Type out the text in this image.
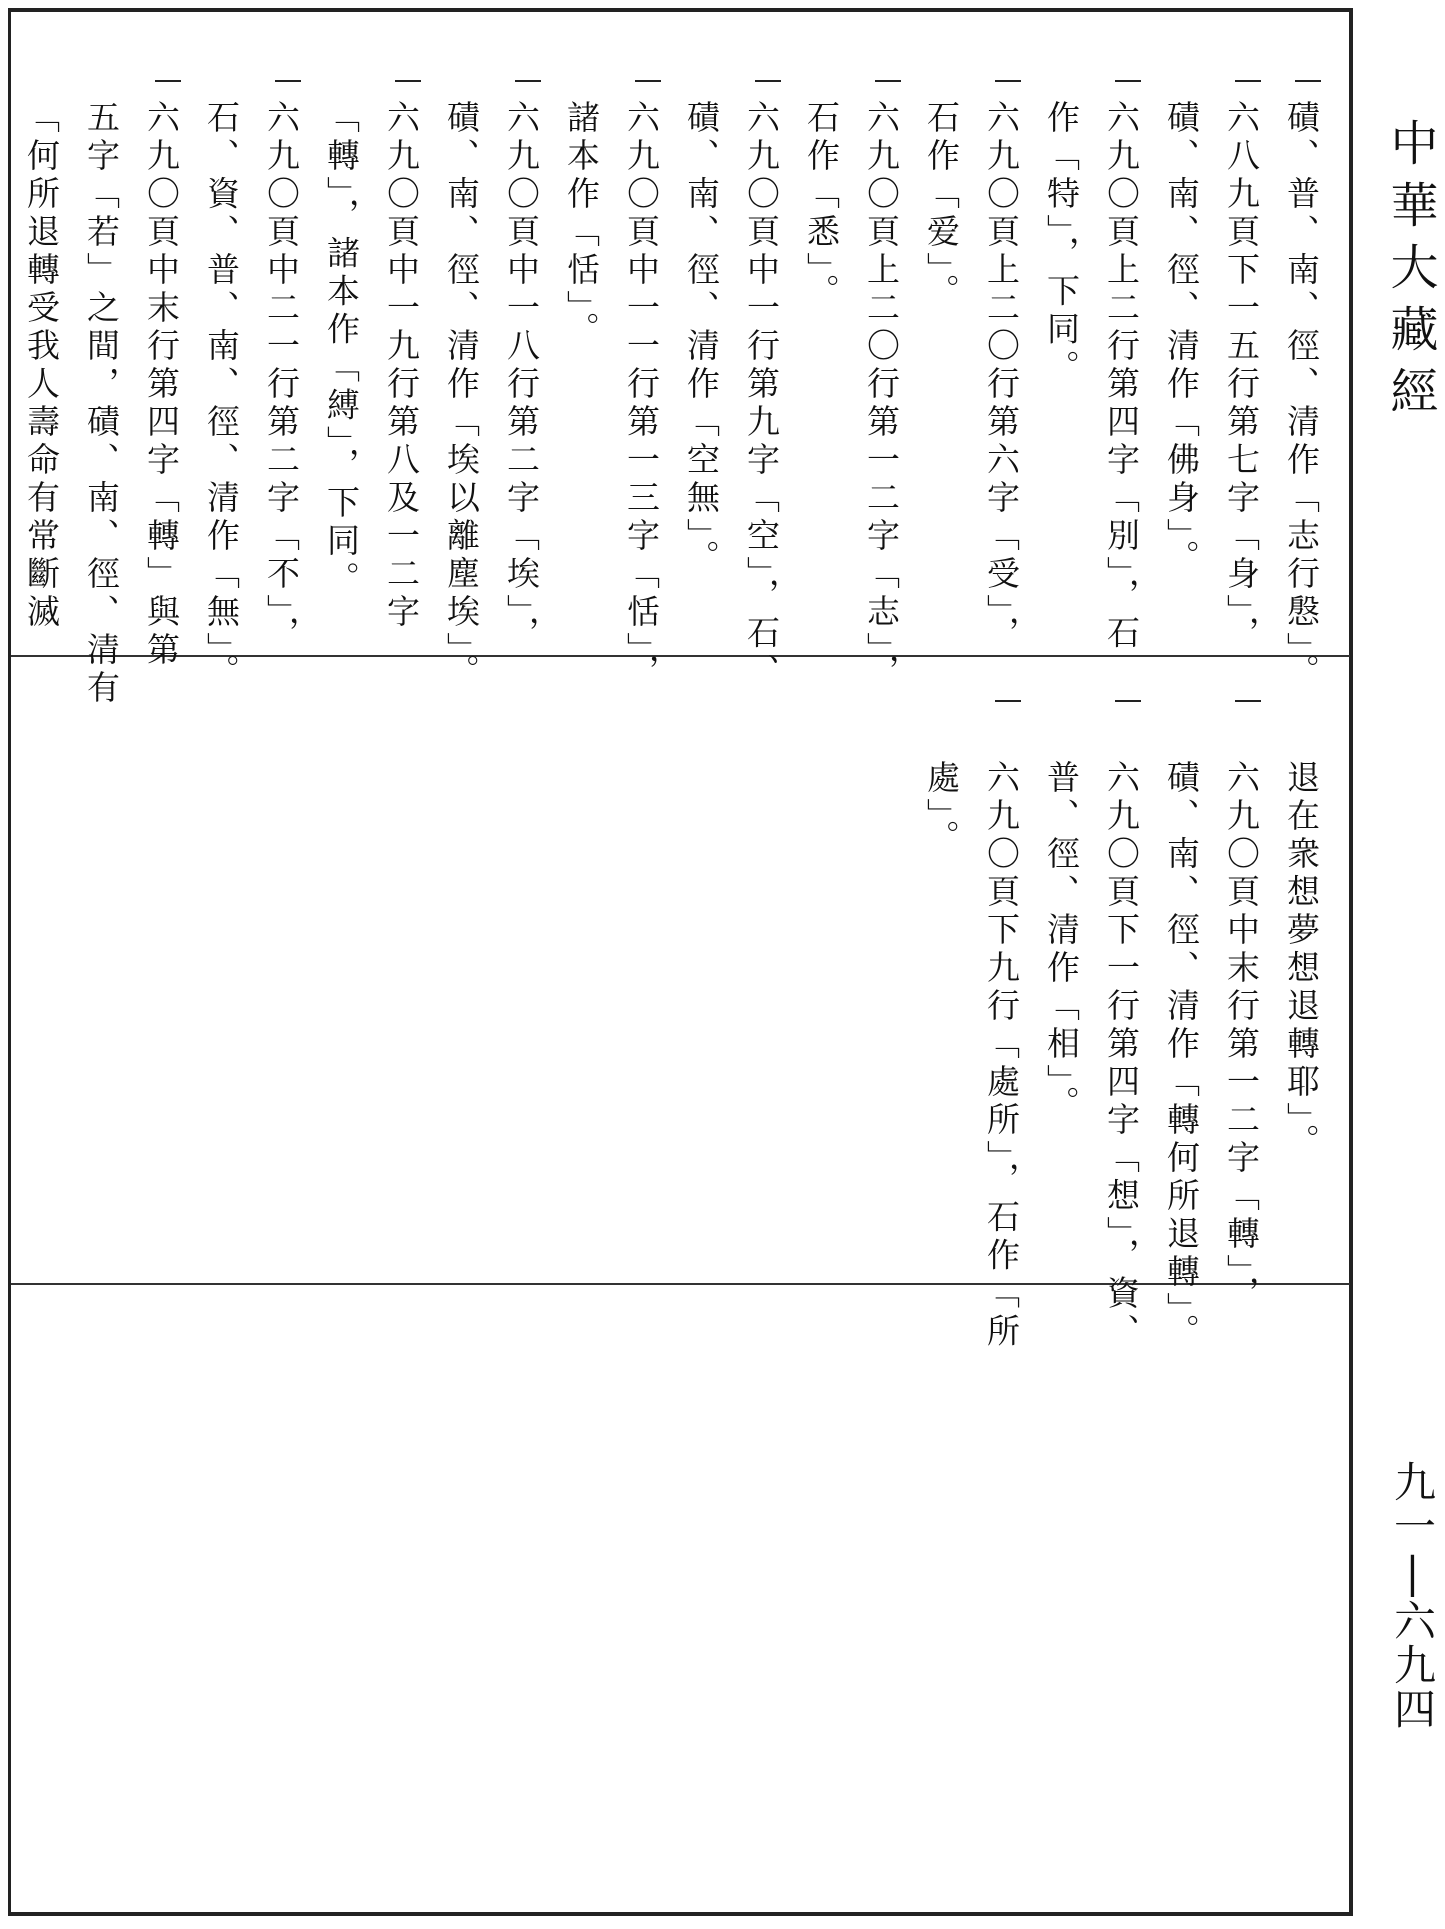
磧、普、南、徑、清作「志行慇」。
六八九頁下一五行第七字「身」，
磧、南、徑、清作「佛身」。
六九〇頁上二行第四字「別」，石
作「特」，下同。
六九〇頁上二〇行第六字「受」，
石作「爱」。
六九〇頁上二〇行第一二字「志」，
石作「悉」。
六九〇頁中一行第九字「空」，石、
磧、南、徑、清作「空無」。
六九〇頁中一一行第一三字「恬」，
諸本作「恬」。
六九〇頁中一八行第二字「埃」，
磧、南、徑、清作「埃以離塵埃」。
六九〇頁中一九行第八及一二字
「轉」，諸本作「縛」，下同。
六九〇頁中二一行第二字「不」，
石、資、普、南、徑、清作「無」。
六九〇頁中末行第四字「轉」與第
五字「若」之間，磧、南、徑、清有
「何所退轉受我人壽命有常斷滅
退在衆想夢想退轉耶」。
六九〇頁中末行第一二字「轉」，
磧、南、徑、清作「轉何所退轉」。
六九〇頁下一行第四字「想」，資、
普、徑、清作「相」。
六九〇頁下九行「處所」，石作「所
處」。
中華大藏經
九一|六九四
